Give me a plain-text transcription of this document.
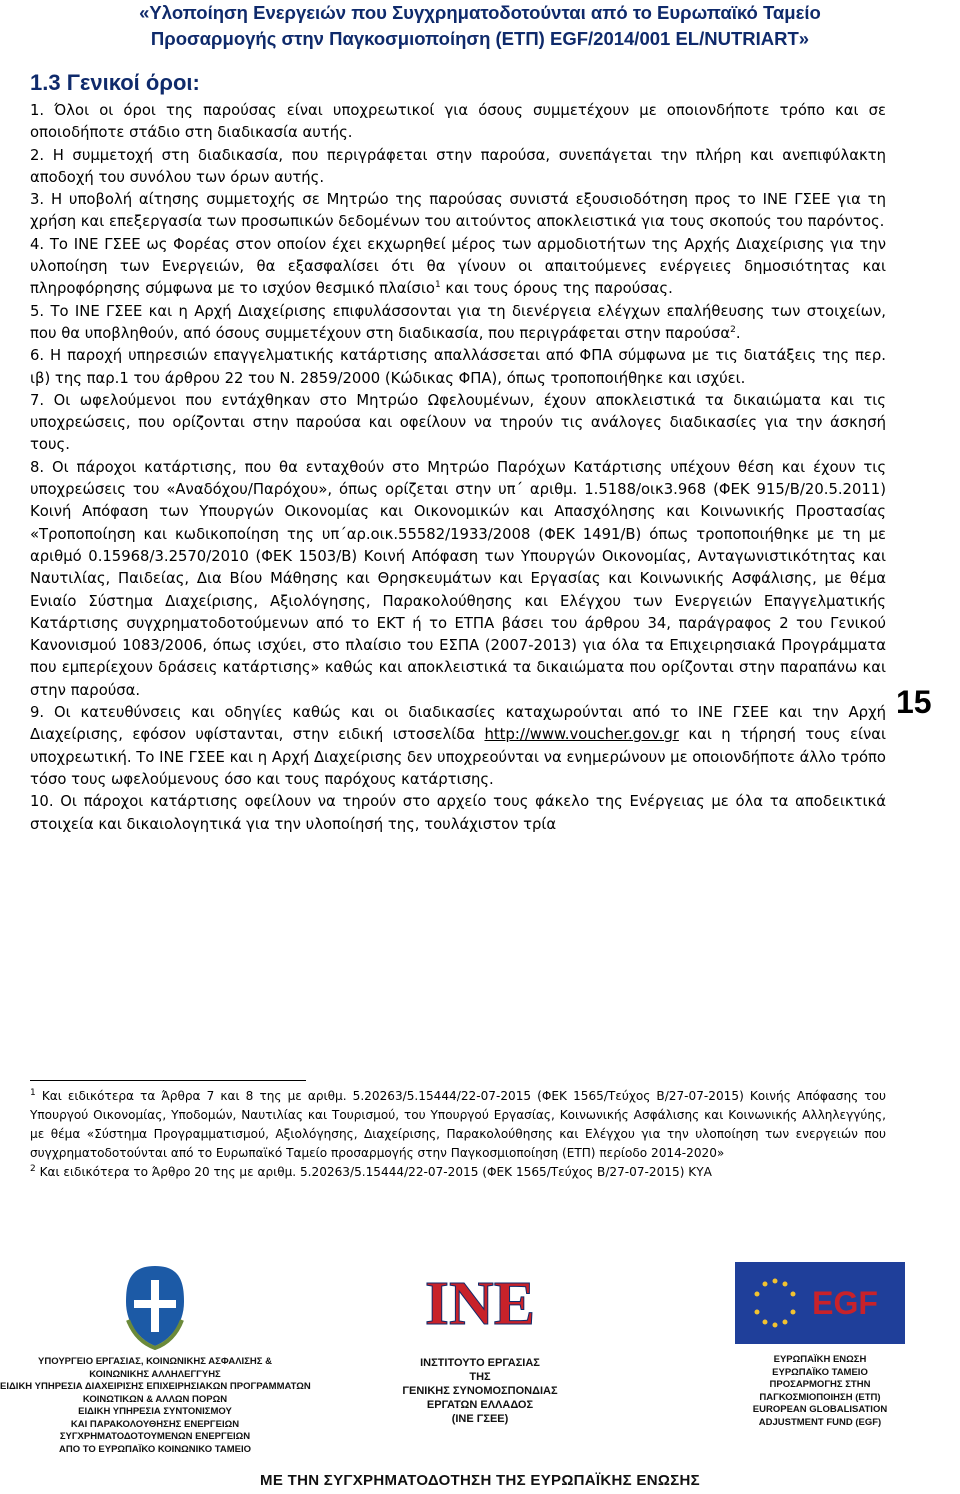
«Υλοποίηση Ενεργειών που Συγχρηματοδοτούνται από το Ευρωπαϊκό Ταμείο
Προσαρμογής στην Παγκοσμιοποίηση (ΕΤΠ) EGF/2014/001 EL/NUTRIART»
1.3 Γενικοί όροι:

1. Όλοι οι όροι της παρούσας είναι υποχρεωτικοί για όσους συμμετέχουν με οποιονδήποτε τρόπο και σε οποιοδήποτε στάδιο στη διαδικασία αυτής.

2. Η συμμετοχή στη διαδικασία, που περιγράφεται στην παρούσα, συνεπάγεται την πλήρη και ανεπιφύλακτη αποδοχή του συνόλου των όρων αυτής.

3. Η υποβολή αίτησης συμμετοχής σε Μητρώο της παρούσας συνιστά εξουσιοδότηση προς το ΙΝΕ ΓΣΕΕ για τη χρήση και επεξεργασία των προσωπικών δεδομένων του αιτούντος αποκλειστικά για τους σκοπούς του παρόντος.

4. Το ΙΝΕ ΓΣΕΕ ως Φορέας στον οποίον έχει εκχωρηθεί μέρος των αρμοδιοτήτων της Αρχής Διαχείρισης για την υλοποίηση των Ενεργειών, θα εξασφαλίσει ότι θα γίνουν οι απαιτούμενες ενέργειες δημοσιότητας και πληροφόρησης σύμφωνα με το ισχύον θεσμικό πλαίσιο$^1$ και τους όρους της παρούσας.

5. Το ΙΝΕ ΓΣΕΕ και η Αρχή Διαχείρισης επιφυλάσσονται για τη διενέργεια ελέγχων επαλήθευσης των στοιχείων, που θα υποβληθούν, από όσους συμμετέχουν στη διαδικασία, που περιγράφεται στην παρούσα$^2$.

6. Η παροχή υπηρεσιών επαγγελματικής κατάρτισης απαλλάσσεται από ΦΠΑ σύμφωνα με τις διατάξεις της περ. ιβ) της παρ.1 του άρθρου 22 του Ν. 2859/2000 (Κώδικας ΦΠΑ), όπως τροποποιήθηκε και ισχύει.

7. Οι ωφελούμενοι που εντάχθηκαν στο Μητρώο Ωφελουμένων, έχουν αποκλειστικά τα δικαιώματα και τις υποχρεώσεις, που ορίζονται στην παρούσα και οφείλουν να τηρούν τις ανάλογες διαδικασίες για την άσκησή τους.

8. Οι πάροχοι κατάρτισης, που θα ενταχθούν στο Μητρώο Παρόχων Κατάρτισης υπέχουν θέση και έχουν τις υποχρεώσεις του «Αναδόχου/Παρόχου», όπως ορίζεται στην υπ΄ αριθμ. 1.5188/οικ3.968 (ΦΕΚ 915/Β/20.5.2011) Κοινή Απόφαση των Υπουργών Οικονομίας και Οικονομικών και Απασχόλησης και Κοινωνικής Προστασίας «Τροποποίηση και κωδικοποίηση της υπ΄αρ.οικ.55582/1933/2008 (ΦΕΚ 1491/Β) όπως τροποποιήθηκε με τη με αριθμό 0.15968/3.2570/2010 (ΦΕΚ 1503/Β) Κοινή Απόφαση των Υπουργών Οικονομίας, Ανταγωνιστικότητας και Ναυτιλίας, Παιδείας, Δια Βίου Μάθησης και Θρησκευμάτων και Εργασίας και Κοινωνικής Ασφάλισης, με θέμα Ενιαίο Σύστημα Διαχείρισης, Αξιολόγησης, Παρακολούθησης και Ελέγχου των Ενεργειών Επαγγελματικής Κατάρτισης συγχρηματοδοτούμενων από το ΕΚΤ ή το ΕΤΠΑ βάσει του άρθρου 34, παράγραφος 2 του Γενικού Κανονισμού 1083/2006, όπως ισχύει, στο πλαίσιο του ΕΣΠΑ (2007-2013) για όλα τα Επιχειρησιακά Προγράμματα που εμπερίεχουν δράσεις κατάρτισης» καθώς και αποκλειστικά τα δικαιώματα που ορίζονται στην παραπάνω και στην παρούσα.

9. Οι κατευθύνσεις και οδηγίες καθώς και οι διαδικασίες καταχωρούνται από το ΙΝΕ ΓΣΕΕ και την Αρχή Διαχείρισης, εφόσον υφίστανται, στην ειδική ιστοσελίδα http://www.voucher.gov.gr και η τήρησή τους είναι υποχρεωτική. Το ΙΝΕ ΓΣΕΕ και η Αρχή Διαχείρισης δεν υποχρεούνται να ενημερώνουν με οποιονδήποτε άλλο τρόπο τόσο τους ωφελούμενους όσο και τους παρόχους κατάρτισης.

10. Οι πάροχοι κατάρτισης οφείλουν να τηρούν στο αρχείο τους φάκελο της Ενέργειας με όλα τα αποδεικτικά στοιχεία και δικαιολογητικά για την υλοποίησή της, τουλάχιστον τρία

15

$^1$ Και ειδικότερα τα Άρθρα 7 και 8 της με αριθμ. 5.20263/5.15444/22-07-2015 (ΦΕΚ 1565/Τεύχος Β/27-07-2015) Κοινής Απόφασης του Υπουργού Οικονομίας, Υποδομών, Ναυτιλίας και Τουρισμού, του Υπουργού Εργασίας, Κοινωνικής Ασφάλισης και Κοινωνικής Αλληλεγγύης, με θέμα «Σύστημα Προγραμματισμού, Αξιολόγησης, Διαχείρισης, Παρακολούθησης και Ελέγχου για την υλοποίηση των ενεργειών που συγχρηματοδοτούνται από το Ευρωπαϊκό Ταμείο προσαρμογής στην Παγκοσμιοποίηση (ΕΤΠ) περίοδο 2014-2020»

$^2$ Και ειδικότερα το Άρθρο 20 της με αριθμ. 5.20263/5.15444/22-07-2015 (ΦΕΚ 1565/Τεύχος Β/27-07-2015) ΚΥΑ

ΥΠΟΥΡΓΕΙΟ ΕΡΓΑΣΙΑΣ, ΚΟΙΝΩΝΙΚΗΣ ΑΣΦΑΛΙΣΗΣ &
ΚΟΙΝΩΝΙΚΗΣ ΑΛΛΗΛΕΓΓΥΗΣ
ΕΙΔΙΚΗ ΥΠΗΡΕΣΙΑ ΔΙΑΧΕΙΡΙΣΗΣ ΕΠΙΧΕΙΡΗΣΙΑΚΩΝ ΠΡΟΓΡΑΜΜΑΤΩΝ
ΚΟΙΝΩΤΙΚΩΝ & ΑΛΛΩΝ ΠΟΡΩΝ
ΕΙΔΙΚΗ ΥΠΗΡΕΣΙΑ ΣΥΝΤΟΝΙΣΜΟΥ
ΚΑΙ ΠΑΡΑΚΟΛΟΥΘΗΣΗΣ ΕΝΕΡΓΕΙΩΝ
ΣΥΓΧΡΗΜΑΤΟΔΟΤΟΥΜΕΝΩΝ ΕΝΕΡΓΕΙΩΝ
ΑΠΟ ΤΟ ΕΥΡΩΠΑΪΚΟ ΚΟΙΝΩΝΙΚΟ ΤΑΜΕΙΟ
INE
ΙΝΣΤΙΤΟΥΤΟ ΕΡΓΑΣΙΑΣ
ΤΗΣ
ΓΕΝΙΚΗΣ ΣΥΝΟΜΟΣΠΟΝΔΙΑΣ
ΕΡΓΑΤΩΝ ΕΛΛΑΔΟΣ
(ΙΝΕ ΓΣΕΕ)
EGF
ΕΥΡΩΠΑΪΚΗ ΕΝΩΣΗ
ΕΥΡΩΠΑΪΚΟ ΤΑΜΕΙΟ
ΠΡΟΣΑΡΜΟΓΗΣ ΣΤΗΝ
ΠΑΓΚΟΣΜΙΟΠΟΙΗΣΗ (ΕΤΠ)
EUROPEAN GLOBALISATION
ADJUSTMENT FUND (EGF)
ΜΕ ΤΗΝ ΣΥΓΧΡΗΜΑΤΟΔΟΤΗΣΗ ΤΗΣ ΕΥΡΩΠΑΪΚΗΣ ΕΝΩΣΗΣ
